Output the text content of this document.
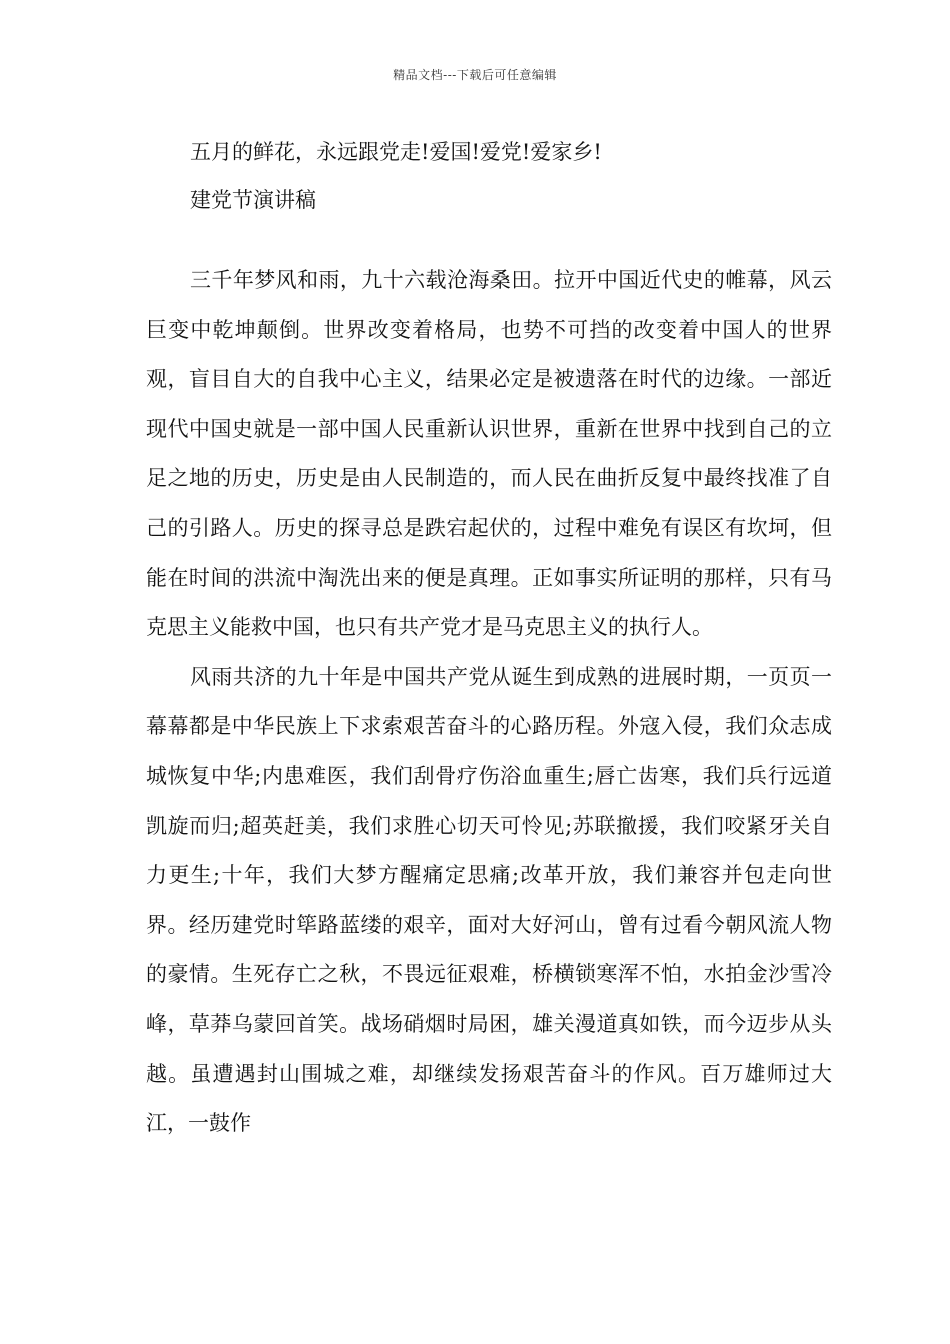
精品文档---下载后可任意编辑
五月的鲜花，永远跟党走!爱国!爱党!爱家乡!
建党节演讲稿

三千年梦风和雨，九十六载沧海桑田。拉开中国近代史的帷幕，风云巨变中乾坤颠倒。世界改变着格局，也势不可挡的改变着中国人的世界观，盲目自大的自我中心主义，结果必定是被遗落在时代的边缘。一部近现代中国史就是一部中国人民重新认识世界，重新在世界中找到自己的立足之地的历史，历史是由人民制造的，而人民在曲折反复中最终找准了自己的引路人。历史的探寻总是跌宕起伏的，过程中难免有误区有坎坷，但能在时间的洪流中淘洗出来的便是真理。正如事实所证明的那样，只有马克思主义能救中国，也只有共产党才是马克思主义的执行人。

风雨共济的九十年是中国共产党从诞生到成熟的进展时期，一页页一幕幕都是中华民族上下求索艰苦奋斗的心路历程。外寇入侵，我们众志成城恢复中华;内患难医，我们刮骨疗伤浴血重生;唇亡齿寒，我们兵行远道凯旋而归;超英赶美，我们求胜心切天可怜见;苏联撤援，我们咬紧牙关自力更生;十年，我们大梦方醒痛定思痛;改革开放，我们兼容并包走向世界。经历建党时筚路蓝缕的艰辛，面对大好河山，曾有过看今朝风流人物的豪情。生死存亡之秋，不畏远征艰难，桥横锁寒浑不怕，水拍金沙雪冷峰，草莽乌蒙回首笑。战场硝烟时局困，雄关漫道真如铁，而今迈步从头越。虽遭遇封山围城之难，却继续发扬艰苦奋斗的作风。百万雄师过大江，一鼓作
